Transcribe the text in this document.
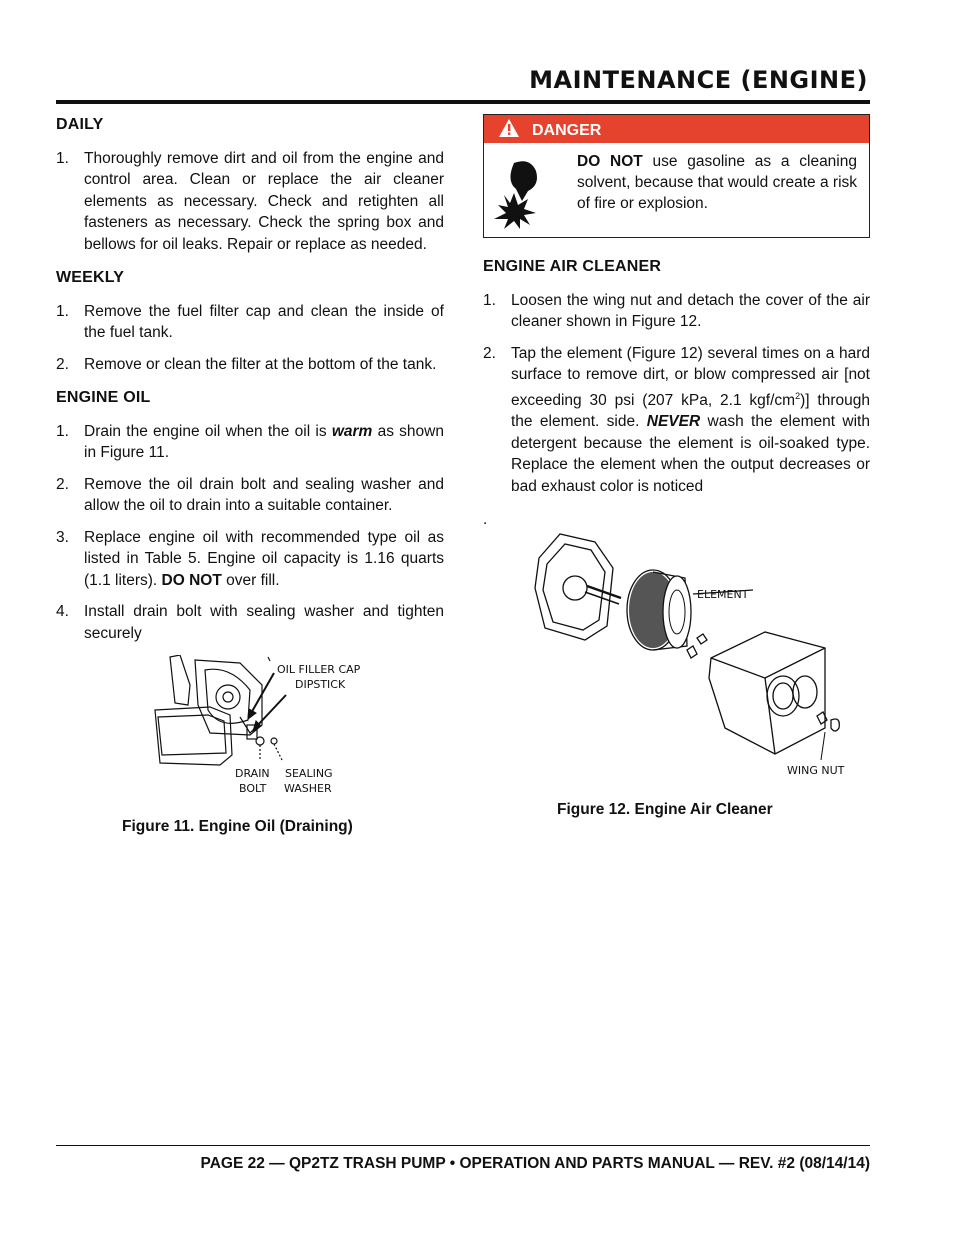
MAINTENANCE (ENGINE)
DAILY
1. Thoroughly remove dirt and oil from the engine and control area. Clean or replace the air cleaner elements as necessary. Check and retighten all fasteners as necessary. Check the spring box and bellows for oil leaks. Repair or replace as needed.
WEEKLY
1. Remove the fuel filter cap and clean the inside of the fuel tank.
2. Remove or clean the filter at the bottom of the tank.
ENGINE OIL
1. Drain the engine oil when the oil is warm as shown in Figure 11.
2. Remove the oil drain bolt and sealing washer and allow the oil to drain into a suitable container.
3. Replace engine oil with recommended type oil as listed in Table 5. Engine oil capacity is 1.16 quarts (1.1 liters). DO NOT over fill.
4. Install drain bolt with sealing washer and tighten securely
OIL FILLER CAP
DIPSTICK
DRAIN
BOLT
SEALING
WASHER
Figure 11. Engine Oil (Draining)
DANGER
DO NOT use gasoline as a cleaning solvent, because that would create a risk of fire or explosion.
ENGINE AIR CLEANER
1. Loosen the wing nut and detach the cover of the air cleaner shown in Figure 12.
2. Tap the element (Figure 12) several times on a hard surface to remove dirt, or blow compressed air [not exceeding 30 psi (207 kPa, 2.1 kgf/$cm^2$)] through the element. side. NEVER wash the element with detergent because the element is oil-soaked type. Replace the element when the output decreases or bad exhaust color is noticed
.
ELEMENT
WING NUT
Figure 12. Engine Air Cleaner
PAGE 22 — QP2TZ TRASH PUMP • OPERATION AND PARTS MANUAL — REV. #2 (08/14/14)
